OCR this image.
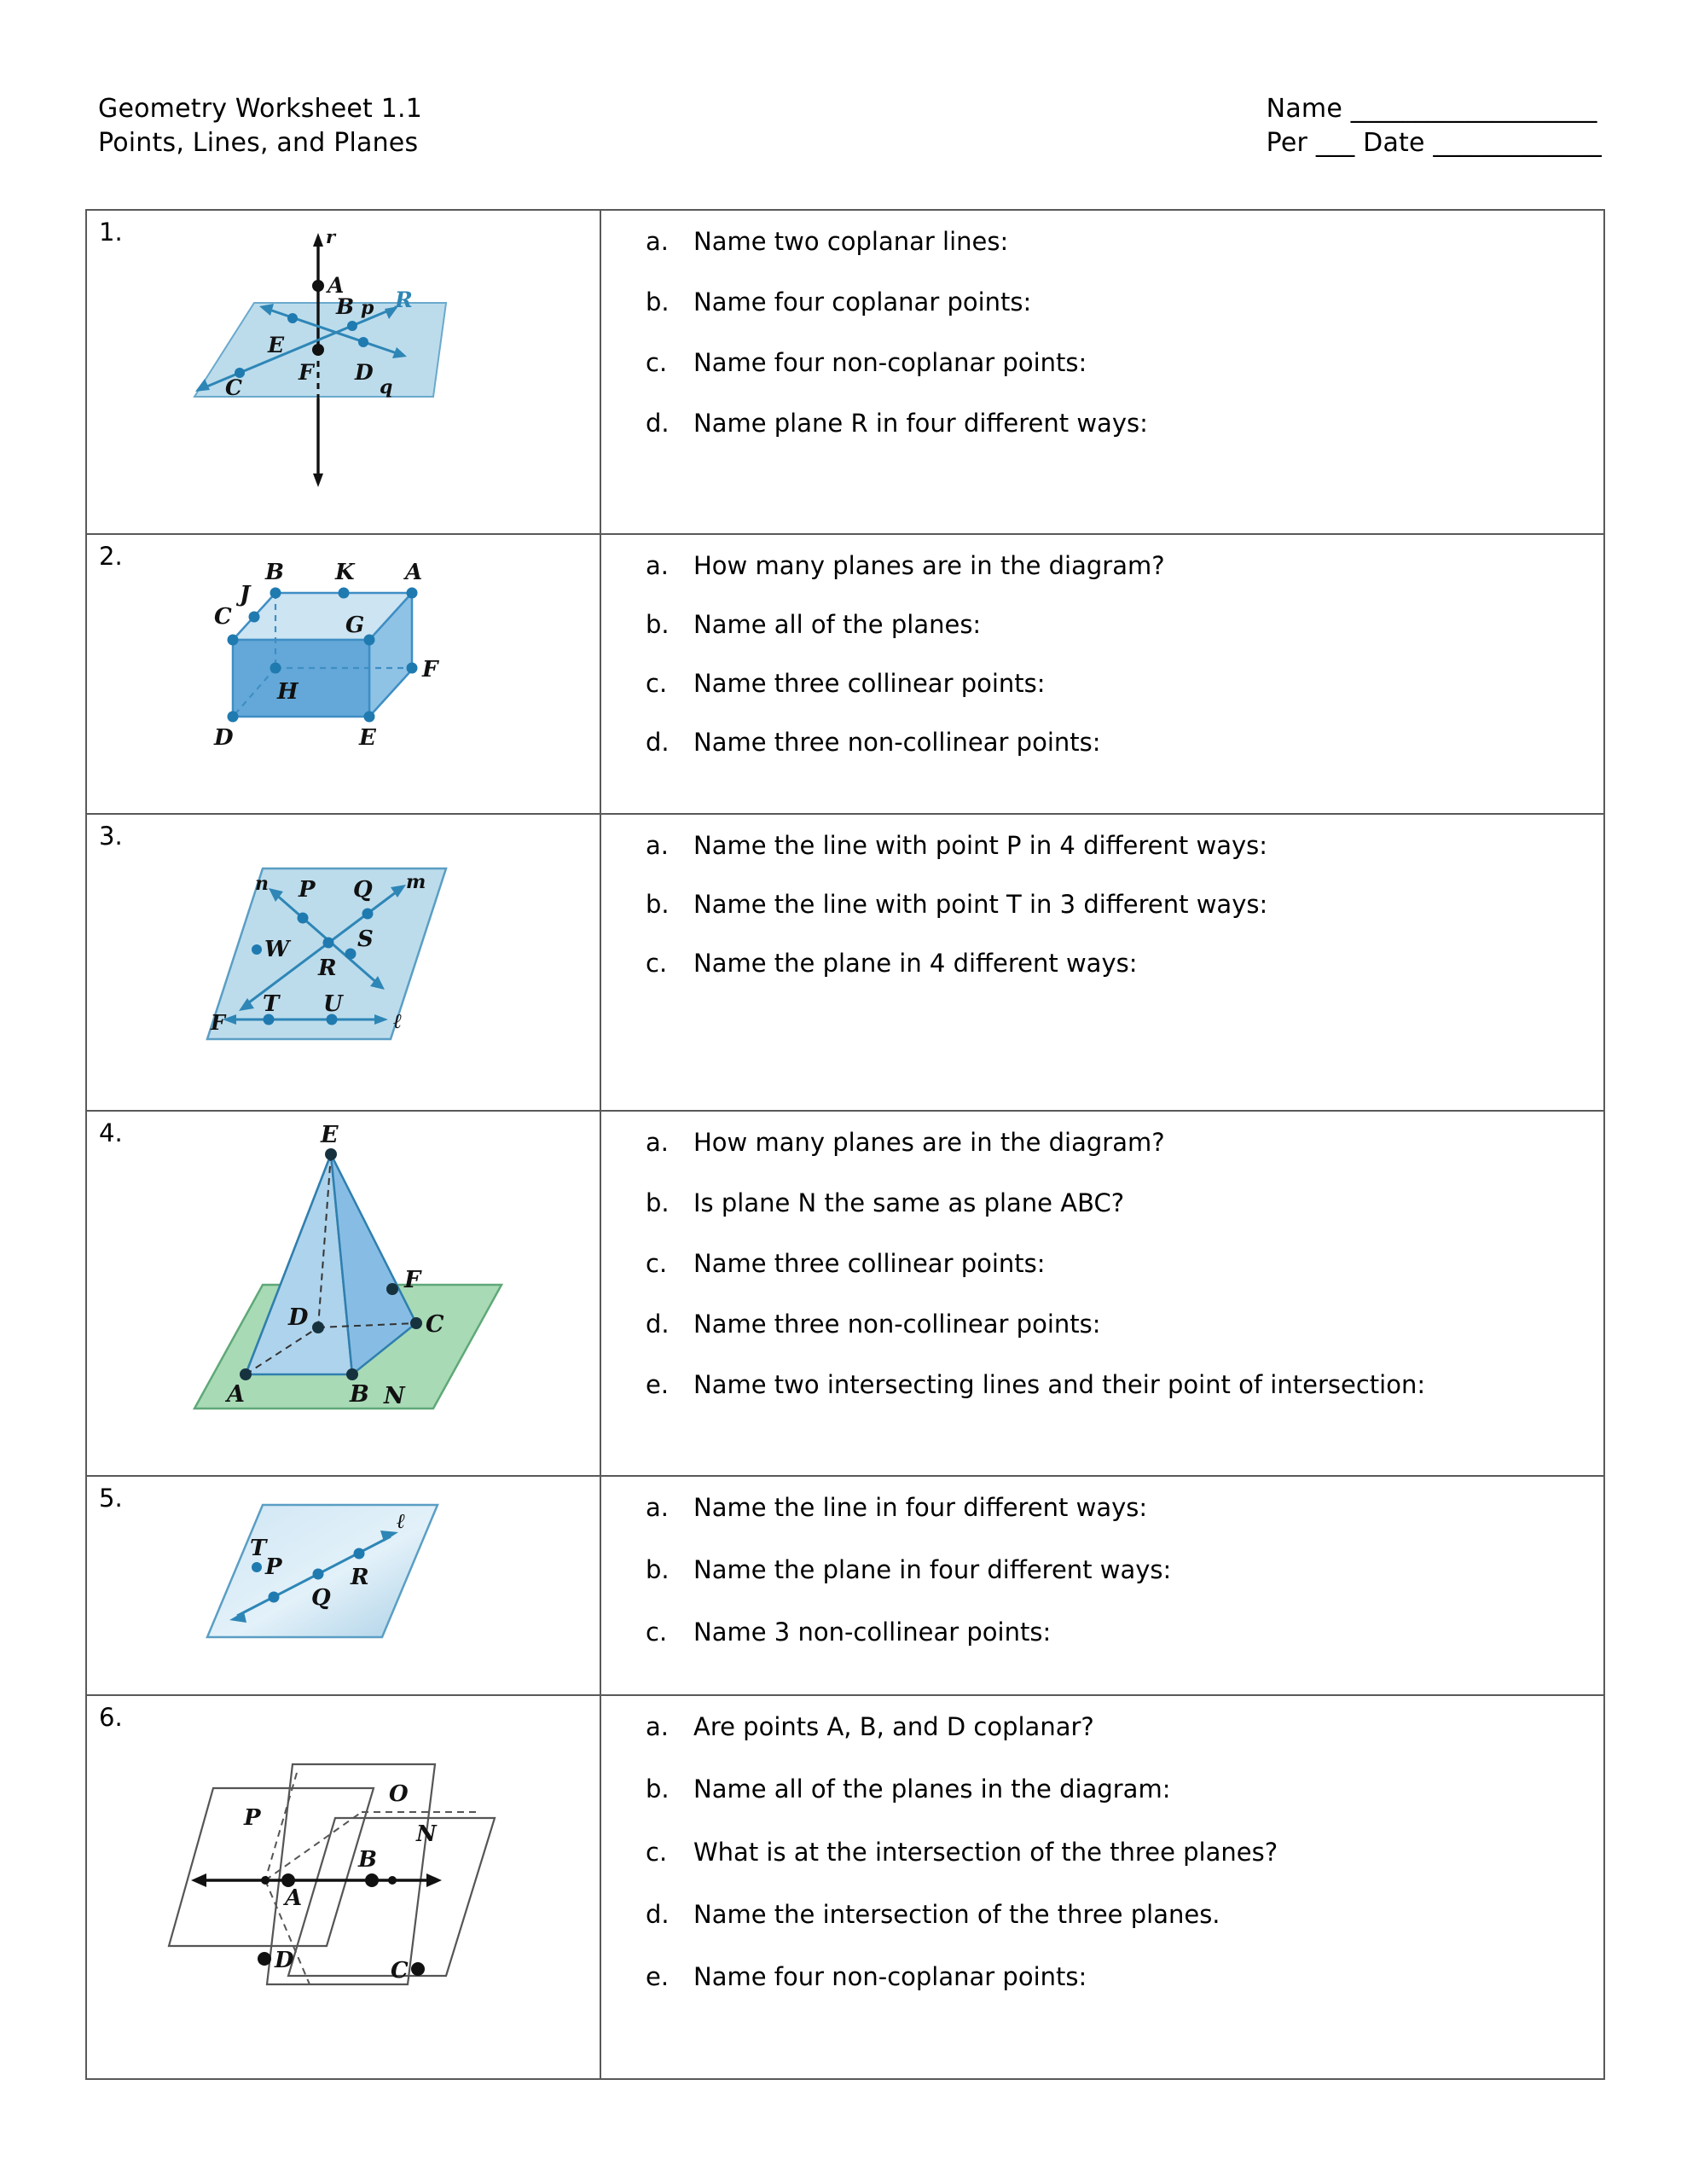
Geometry Worksheet 1.1
Points, Lines, and Planes
Name ___________________
Per ___ Date _____________
1.	r
A
E
C
F D
B p
q
R
a.	Name two coplanar lines:
b. Name four coplanar points:
c.	Name four non-coplanar points:
d. Name plane R in four different ways:
2.
B K A
J
C	G
F
H
D	E
a.	How many planes are in the diagram?
b. Name all of the planes:
c.	Name three collinear points:
d. Name three non-collinear points:
3.
n P Q m
W	S
R
T U
F	ℓ
a.	Name the line with point P in 4 different ways:
b. Name the line with point T in 3 different ways:
c.	Name the plane in 4 different ways:
4.	E
D
F
C
A	B N
a.	How many planes are in the diagram?
b. Is plane N the same as plane ABC?
c.	Name three collinear points:
d. Name three non-collinear points:
e. Name two intersecting lines and their point of intersection:
5.
T
P
Q
R
ℓ	a.	Name the line in four different ways:
b. Name the plane in four different ways:
c.	Name 3 non-collinear points:
6.
P
O
N
B
A
D	C
a.	Are points A, B, and D coplanar?
b. Name all of the planes in the diagram:
c.	What is at the intersection of the three planes?
d. Name the intersection of the three planes.
e. Name four non-coplanar points:
